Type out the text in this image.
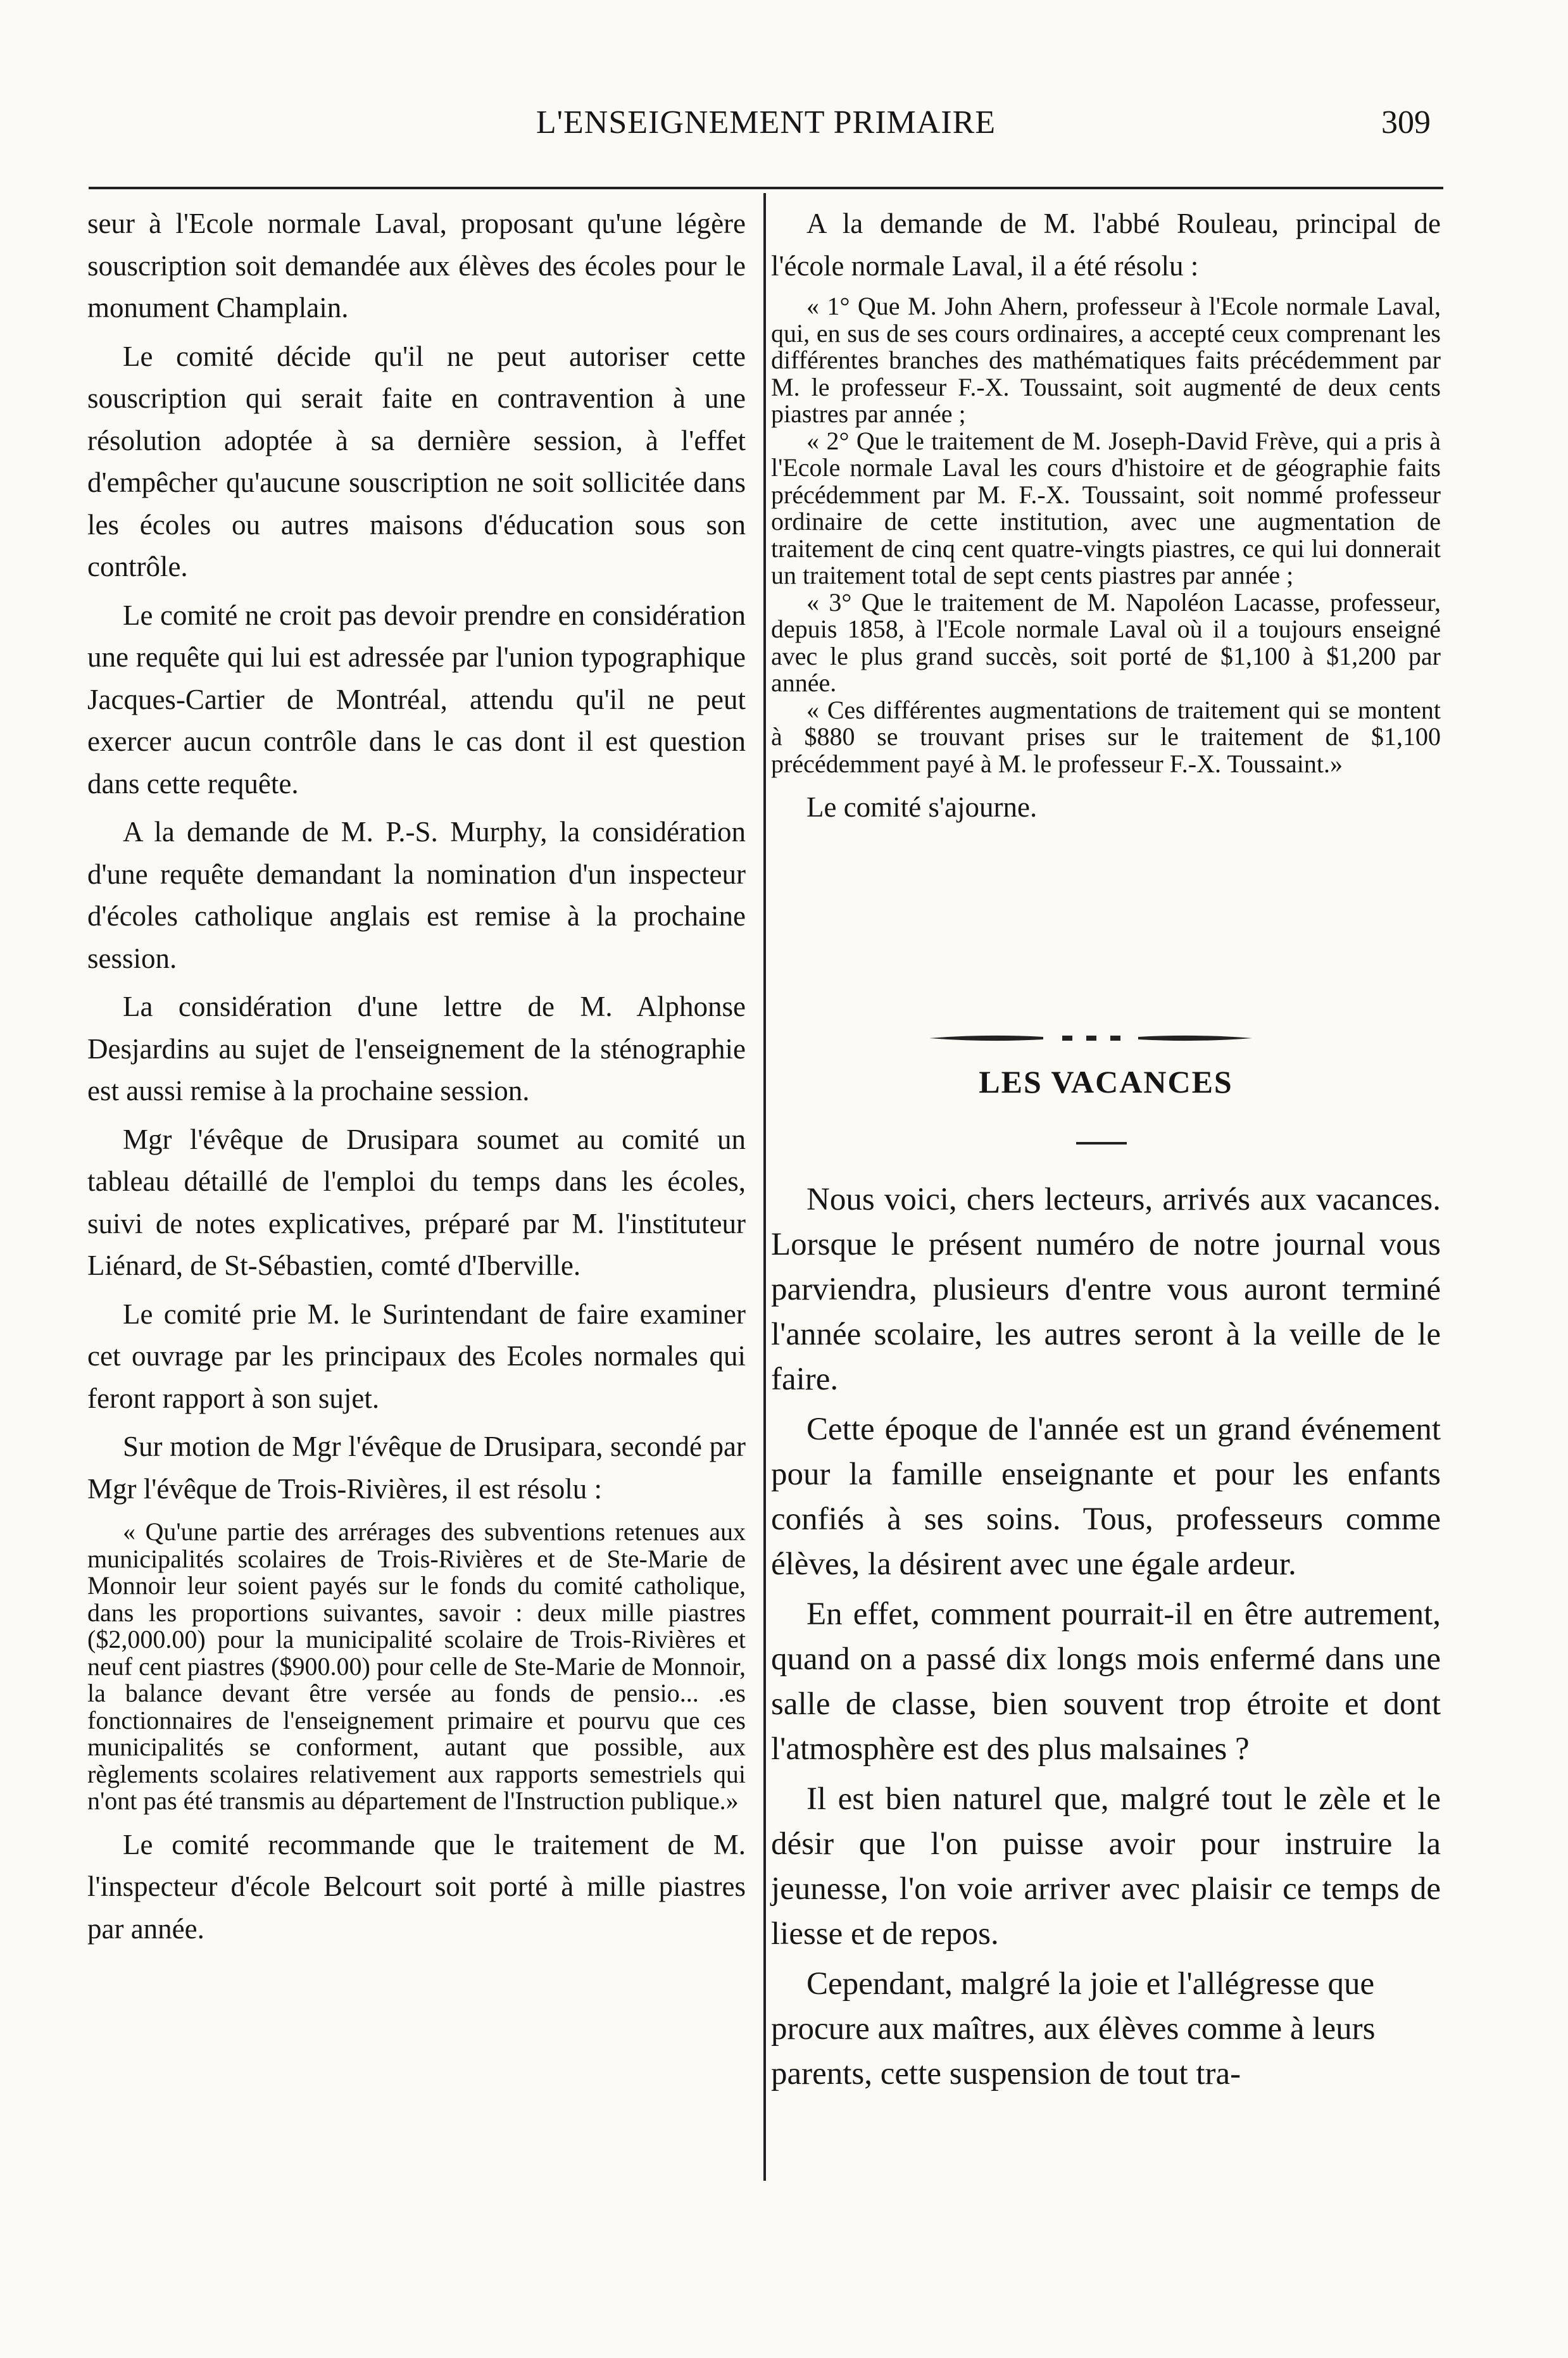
L'ENSEIGNEMENT PRIMAIRE	309

seur à l'Ecole normale Laval, proposant qu'une légère souscription soit demandée aux élèves des écoles pour le monument Champlain.

Le comité décide qu'il ne peut autoriser cette souscription qui serait faite en contravention à une résolution adoptée à sa dernière session, à l'effet d'empêcher qu'aucune souscription ne soit sollicitée dans les écoles ou autres maisons d'éducation sous son contrôle.

Le comité ne croit pas devoir prendre en considération une requête qui lui est adressée par l'union typographique Jacques-Cartier de Montréal, attendu qu'il ne peut exercer aucun contrôle dans le cas dont il est question dans cette requête.

A la demande de M. P.-S. Murphy, la considération d'une requête demandant la nomination d'un inspecteur d'écoles catholique anglais est remise à la prochaine session.

La considération d'une lettre de M. Alphonse Desjardins au sujet de l'enseignement de la sténographie est aussi remise à la prochaine session.

Mgr l'évêque de Drusipara soumet au comité un tableau détaillé de l'emploi du temps dans les écoles, suivi de notes explicatives, préparé par M. l'instituteur Liénard, de St-Sébastien, comté d'Iberville.

Le comité prie M. le Surintendant de faire examiner cet ouvrage par les principaux des Ecoles normales qui feront rapport à son sujet.

Sur motion de Mgr l'évêque de Drusipara, secondé par Mgr l'évêque de Trois-Rivières, il est résolu :

« Qu'une partie des arrérages des subventions retenues aux municipalités scolaires de Trois-Rivières et de Ste-Marie de Monnoir leur soient payés sur le fonds du comité catholique, dans les proportions suivantes, savoir : deux mille piastres ($2,000.00) pour la municipalité scolaire de Trois-Rivières et neuf cent piastres ($900.00) pour celle de Ste-Marie de Monnoir, la balance devant être versée au fonds de pensio... .es fonctionnaires de l'enseignement primaire et pourvu que ces municipalités se conforment, autant que possible, aux règlements scolaires relativement aux rapports semestriels qui n'ont pas été transmis au département de l'Instruction publique.»

Le comité recommande que le traitement de M. l'inspecteur d'école Belcourt soit porté à mille piastres par année.

A la demande de M. l'abbé Rouleau, principal de l'école normale Laval, il a été résolu :

« 1° Que M. John Ahern, professeur à l'Ecole normale Laval, qui, en sus de ses cours ordinaires, a accepté ceux comprenant les différentes branches des mathématiques faits précédemment par M. le professeur F.-X. Toussaint, soit augmenté de deux cents piastres par année ;

« 2° Que le traitement de M. Joseph-David Frève, qui a pris à l'Ecole normale Laval les cours d'histoire et de géographie faits précédemment par M. F.-X. Toussaint, soit nommé professeur ordinaire de cette institution, avec une augmentation de traitement de cinq cent quatre-vingts piastres, ce qui lui donnerait un traitement total de sept cents piastres par année ;

« 3° Que le traitement de M. Napoléon Lacasse, professeur, depuis 1858, à l'Ecole normale Laval où il a toujours enseigné avec le plus grand succès, soit porté de $1,100 à $1,200 par année.

« Ces différentes augmentations de traitement qui se montent à $880 se trouvant prises sur le traitement de $1,100 précédemment payé à M. le professeur F.-X. Toussaint.»

Le comité s'ajourne.

LES VACANCES

Nous voici, chers lecteurs, arrivés aux vacances. Lorsque le présent numéro de notre journal vous parviendra, plusieurs d'entre vous auront terminé l'année scolaire, les autres seront à la veille de le faire.

Cette époque de l'année est un grand événement pour la famille enseignante et pour les enfants confiés à ses soins. Tous, professeurs comme élèves, la désirent avec une égale ardeur.

En effet, comment pourrait-il en être autrement, quand on a passé dix longs mois enfermé dans une salle de classe, bien souvent trop étroite et dont l'atmosphère est des plus malsaines ?

Il est bien naturel que, malgré tout le zèle et le désir que l'on puisse avoir pour instruire la jeunesse, l'on voie arriver avec plaisir ce temps de liesse et de repos.

Cependant, malgré la joie et l'allégresse que procure aux maîtres, aux élèves comme à leurs parents, cette suspension de tout tra-
